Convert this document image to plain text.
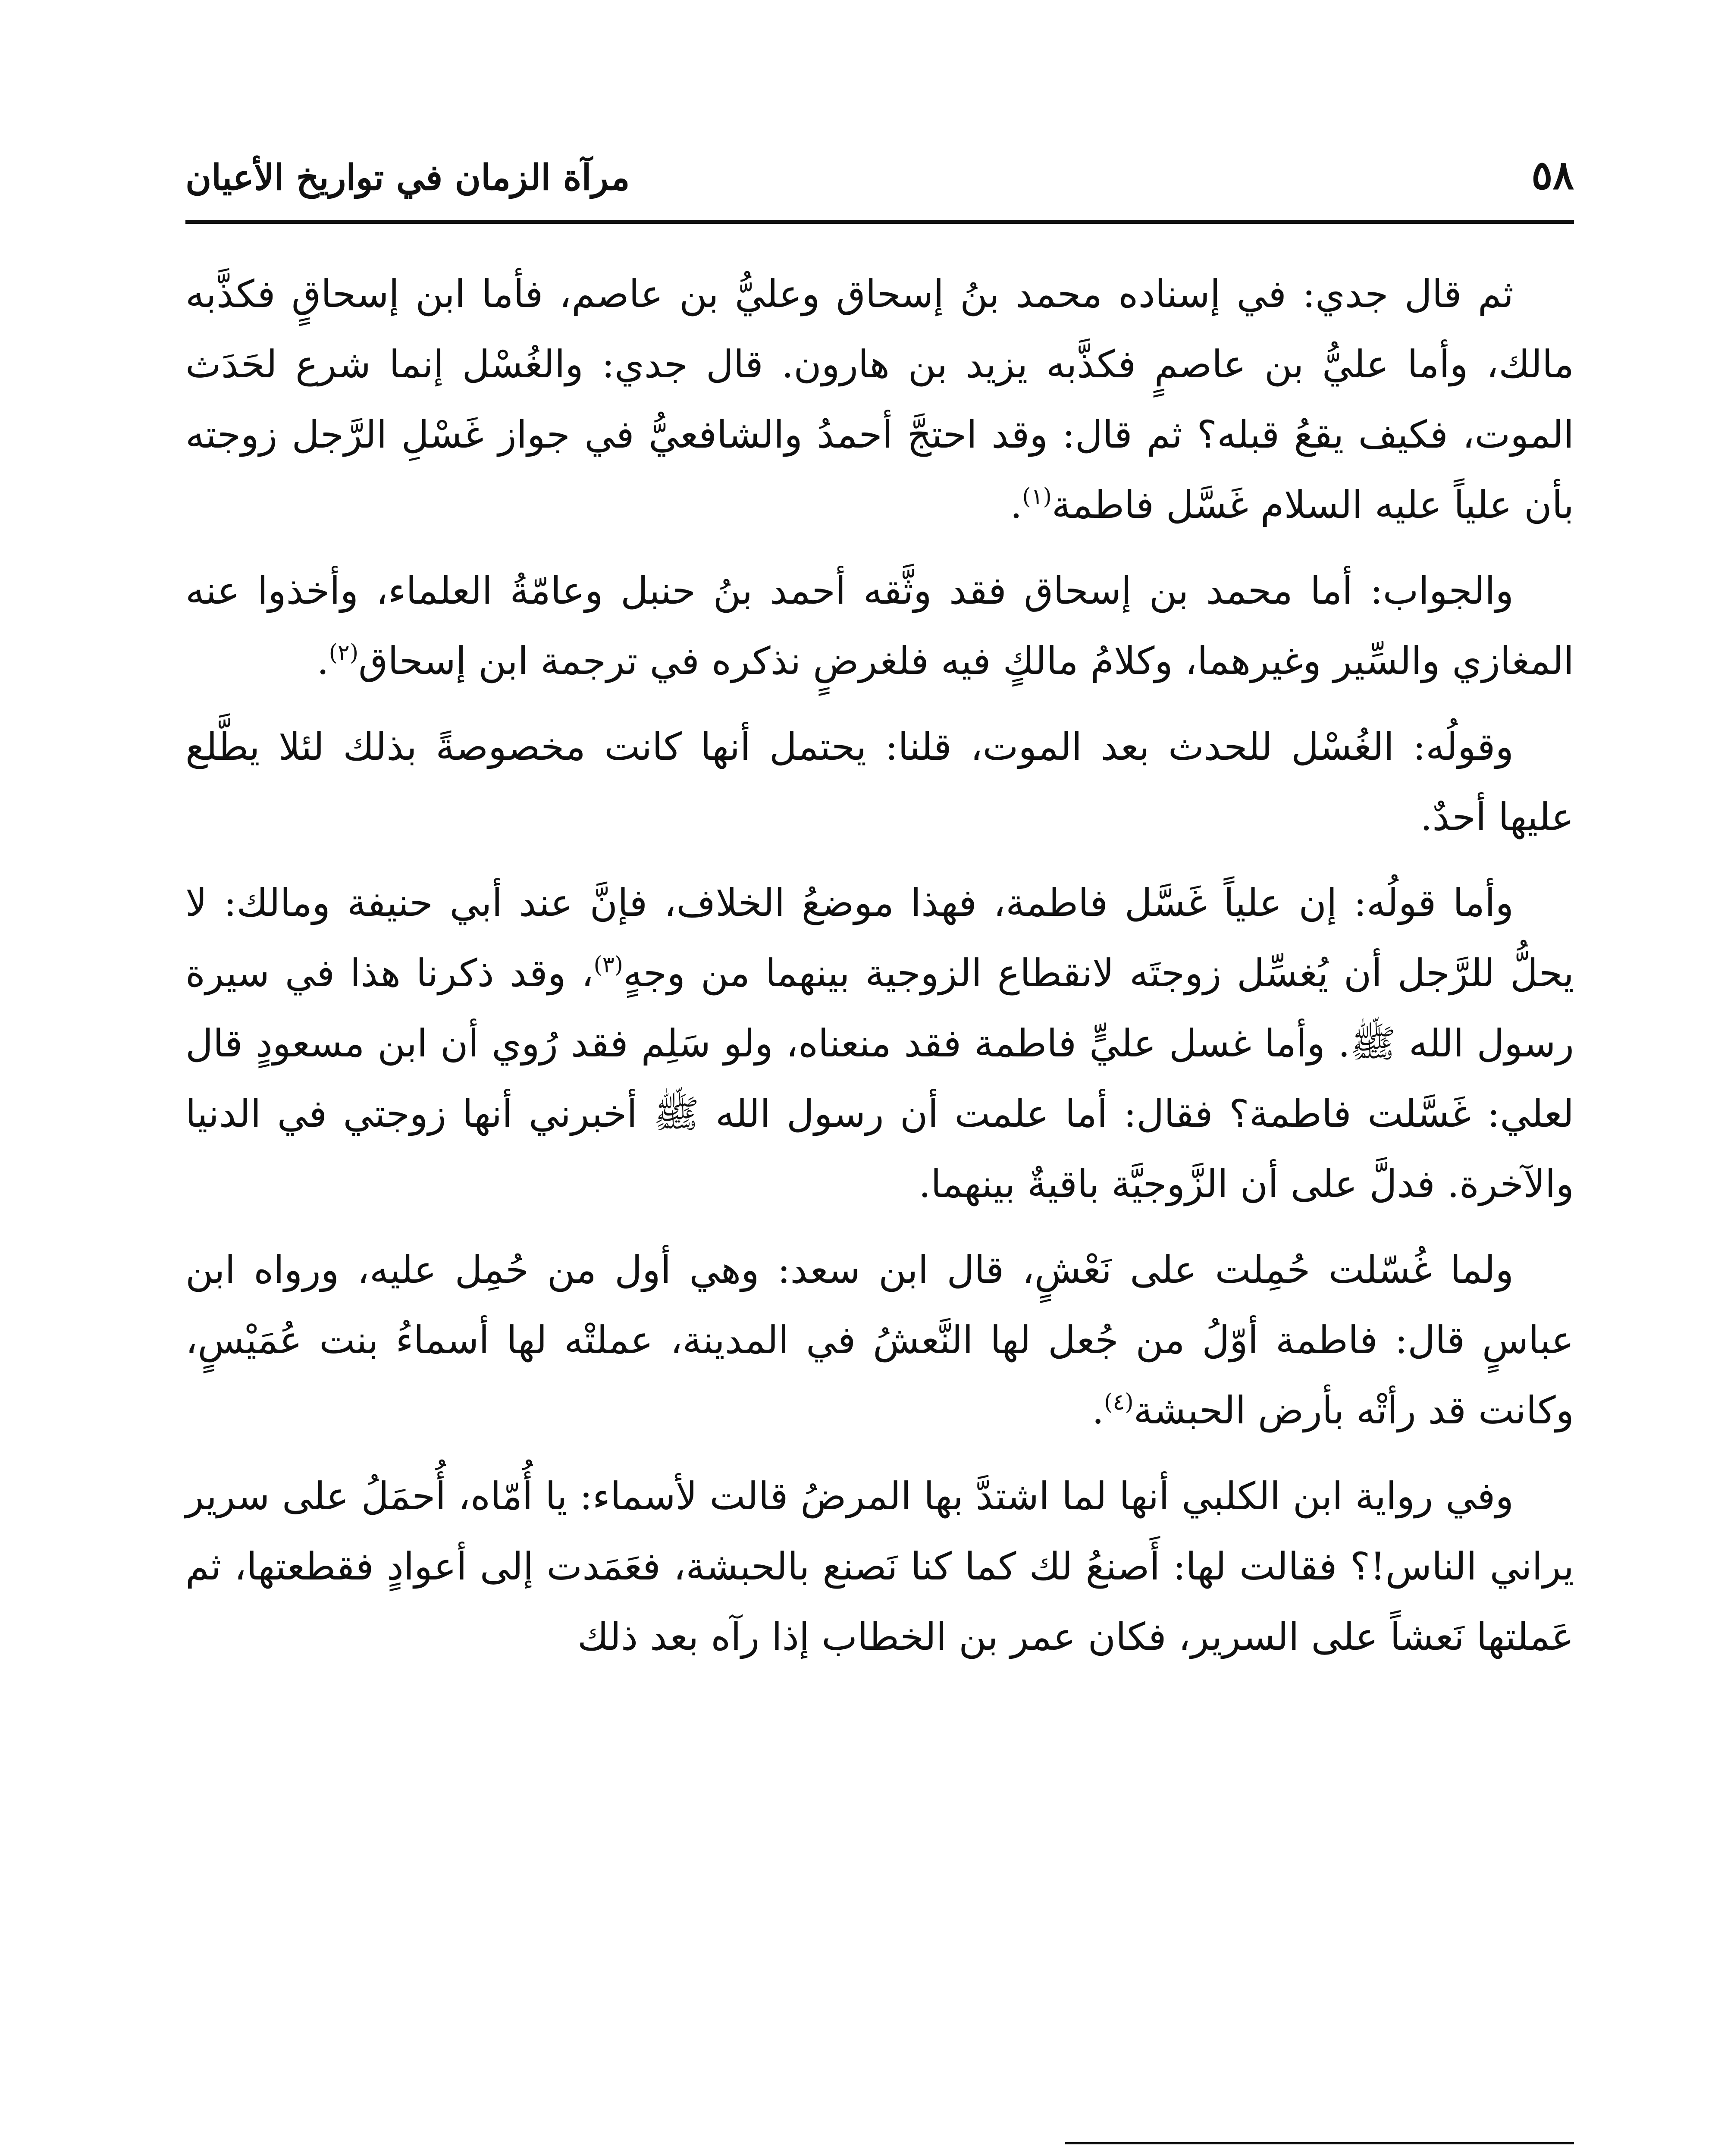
٥٨
مرآة الزمان في تواريخ الأعيان

ثم قال جدي: في إسناده محمد بنُ إسحاق وعليُّ بن عاصم، فأما ابن إسحاقٍ فكذَّبه مالك، وأما عليُّ بن عاصمٍ فكذَّبه يزيد بن هارون. قال جدي: والغُسْل إنما شرع لحَدَث الموت، فكيف يقعُ قبله؟ ثم قال: وقد احتجَّ أحمدُ والشافعيُّ في جواز غَسْلِ الرَّجل زوجته بأن علياً عليه السلام غَسَّل فاطمة$^{(١)}$.

والجواب: أما محمد بن إسحاق فقد وثَّقه أحمد بنُ حنبل وعامّةُ العلماء، وأخذوا عنه المغازي والسِّير وغيرهما، وكلامُ مالكٍ فيه فلغرضٍ نذكره في ترجمة ابن إسحاق$^{(٢)}$.

وقولُه: الغُسْل للحدث بعد الموت، قلنا: يحتمل أنها كانت مخصوصةً بذلك لئلا يطَّلع عليها أحدٌ.

وأما قولُه: إن علياً غَسَّل فاطمة، فهذا موضعُ الخلاف، فإنَّ عند أبي حنيفة ومالك: لا يحلُّ للرَّجل أن يُغسِّل زوجتَه لانقطاع الزوجية بينهما من وجهٍ$^{(٣)}$، وقد ذكرنا هذا في سيرة رسول الله ﷺ. وأما غسل عليٍّ فاطمة فقد منعناه، ولو سَلِم فقد رُوي أن ابن مسعودٍ قال لعلي: غَسَّلت فاطمة؟ فقال: أما علمت أن رسول الله ﷺ أخبرني أنها زوجتي في الدنيا والآخرة. فدلَّ على أن الزَّوجيَّة باقيةٌ بينهما.

ولما غُسّلت حُمِلت على نَعْشٍ، قال ابن سعد: وهي أول من حُمِل عليه، ورواه ابن عباسٍ قال: فاطمة أوّلُ من جُعل لها النَّعشُ في المدينة، عملتْه لها أسماءُ بنت عُمَيْسٍ، وكانت قد رأتْه بأرض الحبشة$^{(٤)}$.

وفي رواية ابن الكلبي أنها لما اشتدَّ بها المرضُ قالت لأسماء: يا أُمّاه، أُحمَلُ على سرير يراني الناس!؟ فقالت لها: أَصنعُ لك كما كنا نَصنع بالحبشة، فعَمَدت إلى أعوادٍ فقطعتها، ثم عَملتها نَعشاً على السرير، فكان عمر بن الخطاب إذا رآه بعد ذلك
